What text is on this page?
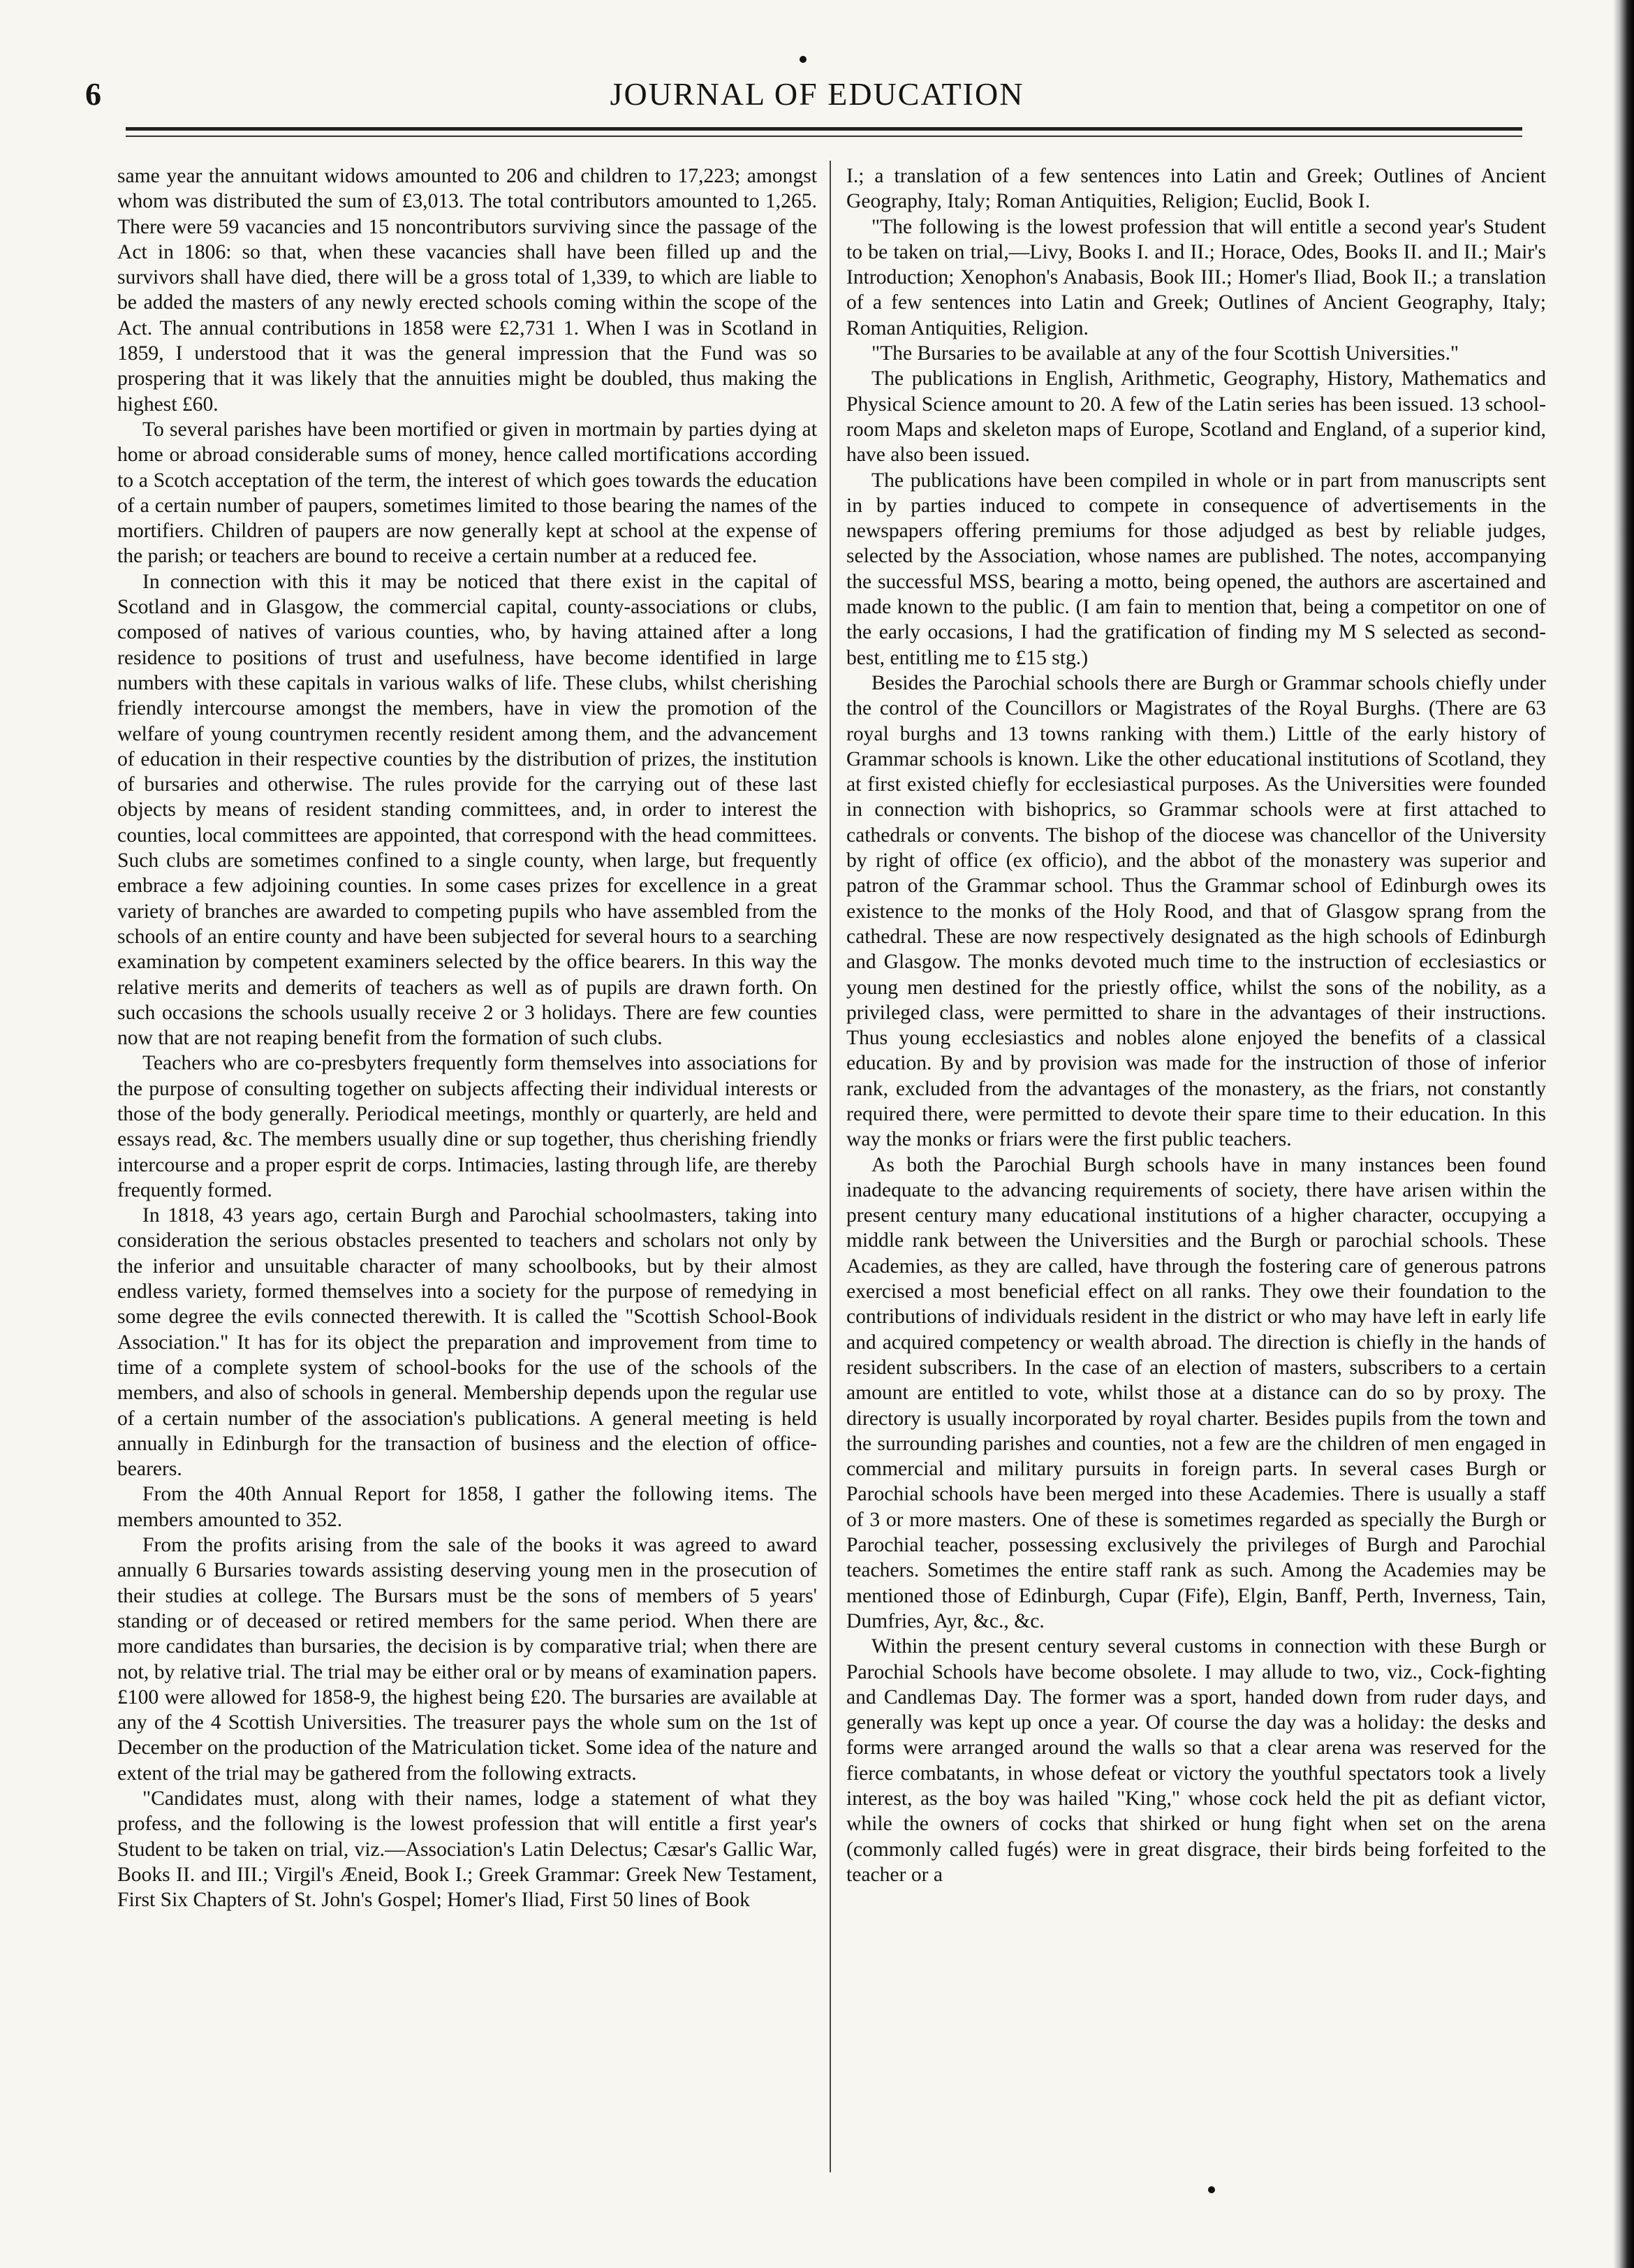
6	JOURNAL OF EDUCATION

same year the annuitant widows amounted to 206 and children to 17,223; amongst whom was distributed the sum of £3,013. The total contributors amounted to 1,265. There were 59 vacancies and 15 noncontributors surviving since the passage of the Act in 1806: so that, when these vacancies shall have been filled up and the survivors shall have died, there will be a gross total of 1,339, to which are liable to be added the masters of any newly erected schools coming within the scope of the Act. The annual contributions in 1858 were £2,731 1. When I was in Scotland in 1859, I understood that it was the general impression that the Fund was so prospering that it was likely that the annuities might be doubled, thus making the highest £60.

To several parishes have been mortified or given in mortmain by parties dying at home or abroad considerable sums of money, hence called mortifications according to a Scotch acceptation of the term, the interest of which goes towards the education of a certain number of paupers, sometimes limited to those bearing the names of the mortifiers. Children of paupers are now generally kept at school at the expense of the parish; or teachers are bound to receive a certain number at a reduced fee.

In connection with this it may be noticed that there exist in the capital of Scotland and in Glasgow, the commercial capital, county-associations or clubs, composed of natives of various counties, who, by having attained after a long residence to positions of trust and usefulness, have become identified in large numbers with these capitals in various walks of life. These clubs, whilst cherishing friendly intercourse amongst the members, have in view the promotion of the welfare of young countrymen recently resident among them, and the advancement of education in their respective counties by the distribution of prizes, the institution of bursaries and otherwise. The rules provide for the carrying out of these last objects by means of resident standing committees, and, in order to interest the counties, local committees are appointed, that correspond with the head committees. Such clubs are sometimes confined to a single county, when large, but frequently embrace a few adjoining counties. In some cases prizes for excellence in a great variety of branches are awarded to competing pupils who have assembled from the schools of an entire county and have been subjected for several hours to a searching examination by competent examiners selected by the office bearers. In this way the relative merits and demerits of teachers as well as of pupils are drawn forth. On such occasions the schools usually receive 2 or 3 holidays. There are few counties now that are not reaping benefit from the formation of such clubs.

Teachers who are co-presbyters frequently form themselves into associations for the purpose of consulting together on subjects affecting their individual interests or those of the body generally. Periodical meetings, monthly or quarterly, are held and essays read, &c. The members usually dine or sup together, thus cherishing friendly intercourse and a proper esprit de corps. Intimacies, lasting through life, are thereby frequently formed.

In 1818, 43 years ago, certain Burgh and Parochial schoolmasters, taking into consideration the serious obstacles presented to teachers and scholars not only by the inferior and unsuitable character of many schoolbooks, but by their almost endless variety, formed themselves into a society for the purpose of remedying in some degree the evils connected therewith. It is called the "Scottish School-Book Association." It has for its object the preparation and improvement from time to time of a complete system of school-books for the use of the schools of the members, and also of schools in general. Membership depends upon the regular use of a certain number of the association's publications. A general meeting is held annually in Edinburgh for the transaction of business and the election of office-bearers.

From the 40th Annual Report for 1858, I gather the following items. The members amounted to 352.

From the profits arising from the sale of the books it was agreed to award annually 6 Bursaries towards assisting deserving young men in the prosecution of their studies at college. The Bursars must be the sons of members of 5 years' standing or of deceased or retired members for the same period. When there are more candidates than bursaries, the decision is by comparative trial; when there are not, by relative trial. The trial may be either oral or by means of examination papers. £100 were allowed for 1858-9, the highest being £20. The bursaries are available at any of the 4 Scottish Universities. The treasurer pays the whole sum on the 1st of December on the production of the Matriculation ticket. Some idea of the nature and extent of the trial may be gathered from the following extracts.

"Candidates must, along with their names, lodge a statement of what they profess, and the following is the lowest profession that will entitle a first year's Student to be taken on trial, viz.—Association's Latin Delectus; Cæsar's Gallic War, Books II. and III.; Virgil's Æneid, Book I.; Greek Grammar: Greek New Testament, First Six Chapters of St. John's Gospel; Homer's Iliad, First 50 lines of Book

I.; a translation of a few sentences into Latin and Greek; Outlines of Ancient Geography, Italy; Roman Antiquities, Religion; Euclid, Book I.

"The following is the lowest profession that will entitle a second year's Student to be taken on trial,—Livy, Books I. and II.; Horace, Odes, Books II. and II.; Mair's Introduction; Xenophon's Anabasis, Book III.; Homer's Iliad, Book II.; a translation of a few sentences into Latin and Greek; Outlines of Ancient Geography, Italy; Roman Antiquities, Religion.

"The Bursaries to be available at any of the four Scottish Universities."

The publications in English, Arithmetic, Geography, History, Mathematics and Physical Science amount to 20. A few of the Latin series has been issued. 13 school-room Maps and skeleton maps of Europe, Scotland and England, of a superior kind, have also been issued.

The publications have been compiled in whole or in part from manuscripts sent in by parties induced to compete in consequence of advertisements in the newspapers offering premiums for those adjudged as best by reliable judges, selected by the Association, whose names are published. The notes, accompanying the successful MSS, bearing a motto, being opened, the authors are ascertained and made known to the public. (I am fain to mention that, being a competitor on one of the early occasions, I had the gratification of finding my M S selected as second-best, entitling me to £15 stg.)

Besides the Parochial schools there are Burgh or Grammar schools chiefly under the control of the Councillors or Magistrates of the Royal Burghs. (There are 63 royal burghs and 13 towns ranking with them.) Little of the early history of Grammar schools is known. Like the other educational institutions of Scotland, they at first existed chiefly for ecclesiastical purposes. As the Universities were founded in connection with bishoprics, so Grammar schools were at first attached to cathedrals or convents. The bishop of the diocese was chancellor of the University by right of office (ex officio), and the abbot of the monastery was superior and patron of the Grammar school. Thus the Grammar school of Edinburgh owes its existence to the monks of the Holy Rood, and that of Glasgow sprang from the cathedral. These are now respectively designated as the high schools of Edinburgh and Glasgow. The monks devoted much time to the instruction of ecclesiastics or young men destined for the priestly office, whilst the sons of the nobility, as a privileged class, were permitted to share in the advantages of their instructions. Thus young ecclesiastics and nobles alone enjoyed the benefits of a classical education. By and by provision was made for the instruction of those of inferior rank, excluded from the advantages of the monastery, as the friars, not constantly required there, were permitted to devote their spare time to their education. In this way the monks or friars were the first public teachers.

As both the Parochial Burgh schools have in many instances been found inadequate to the advancing requirements of society, there have arisen within the present century many educational institutions of a higher character, occupying a middle rank between the Universities and the Burgh or parochial schools. These Academies, as they are called, have through the fostering care of generous patrons exercised a most beneficial effect on all ranks. They owe their foundation to the contributions of individuals resident in the district or who may have left in early life and acquired competency or wealth abroad. The direction is chiefly in the hands of resident subscribers. In the case of an election of masters, subscribers to a certain amount are entitled to vote, whilst those at a distance can do so by proxy. The directory is usually incorporated by royal charter. Besides pupils from the town and the surrounding parishes and counties, not a few are the children of men engaged in commercial and military pursuits in foreign parts. In several cases Burgh or Parochial schools have been merged into these Academies. There is usually a staff of 3 or more masters. One of these is sometimes regarded as specially the Burgh or Parochial teacher, possessing exclusively the privileges of Burgh and Parochial teachers. Sometimes the entire staff rank as such. Among the Academies may be mentioned those of Edinburgh, Cupar (Fife), Elgin, Banff, Perth, Inverness, Tain, Dumfries, Ayr, &c., &c.

Within the present century several customs in connection with these Burgh or Parochial Schools have become obsolete. I may allude to two, viz., Cock-fighting and Candlemas Day. The former was a sport, handed down from ruder days, and generally was kept up once a year. Of course the day was a holiday: the desks and forms were arranged around the walls so that a clear arena was reserved for the fierce combatants, in whose defeat or victory the youthful spectators took a lively interest, as the boy was hailed "King," whose cock held the pit as defiant victor, while the owners of cocks that shirked or hung fight when set on the arena (commonly called fugés) were in great disgrace, their birds being forfeited to the teacher or a
